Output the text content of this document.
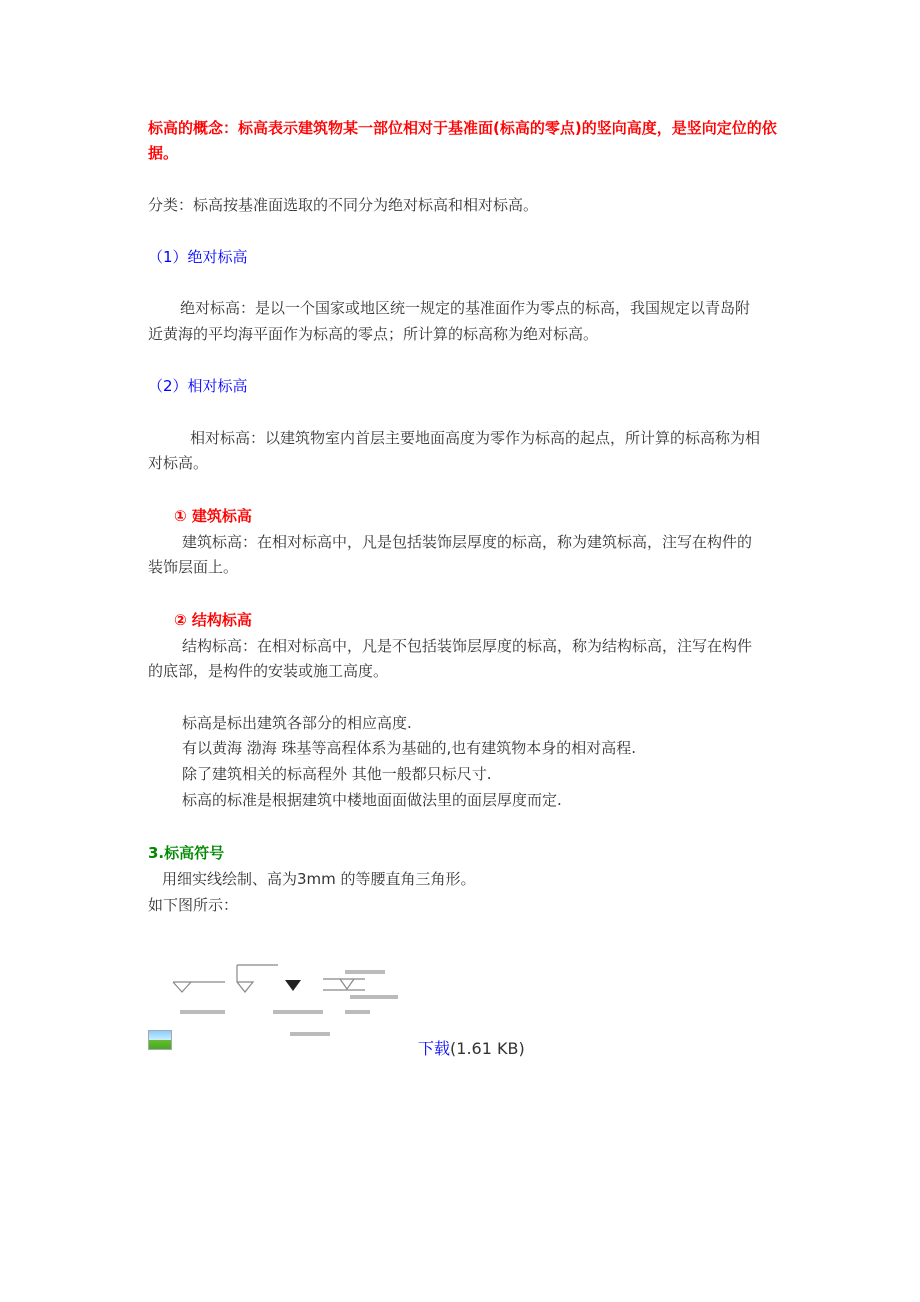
标高的概念：标高表示建筑物某一部位相对于基准面(标高的零点)的竖向高度，是竖向定位的依
据。
分类：标高按基准面选取的不同分为绝对标高和相对标高。
（1）绝对标高
绝对标高：是以一个国家或地区统一规定的基准面作为零点的标高，我国规定以青岛附
近黄海的平均海平面作为标高的零点；所计算的标高称为绝对标高。
（2）相对标高
相对标高：以建筑物室内首层主要地面高度为零作为标高的起点，所计算的标高称为相
对标高。
① 建筑标高
建筑标高：在相对标高中，凡是包括装饰层厚度的标高，称为建筑标高，注写在构件的
装饰层面上。
② 结构标高
结构标高：在相对标高中，凡是不包括装饰层厚度的标高，称为结构标高，注写在构件
的底部，是构件的安装或施工高度。
标高是标出建筑各部分的相应高度.
有以黄海 渤海 珠基等高程体系为基础的,也有建筑物本身的相对高程.
除了建筑相关的标高程外 其他一般都只标尺寸.
标高的标准是根据建筑中楼地面面做法里的面层厚度而定.
3.标高符号
用细实线绘制、高为3mm 的等腰直角三角形。
如下图所示：
下载(1.61 KB)
